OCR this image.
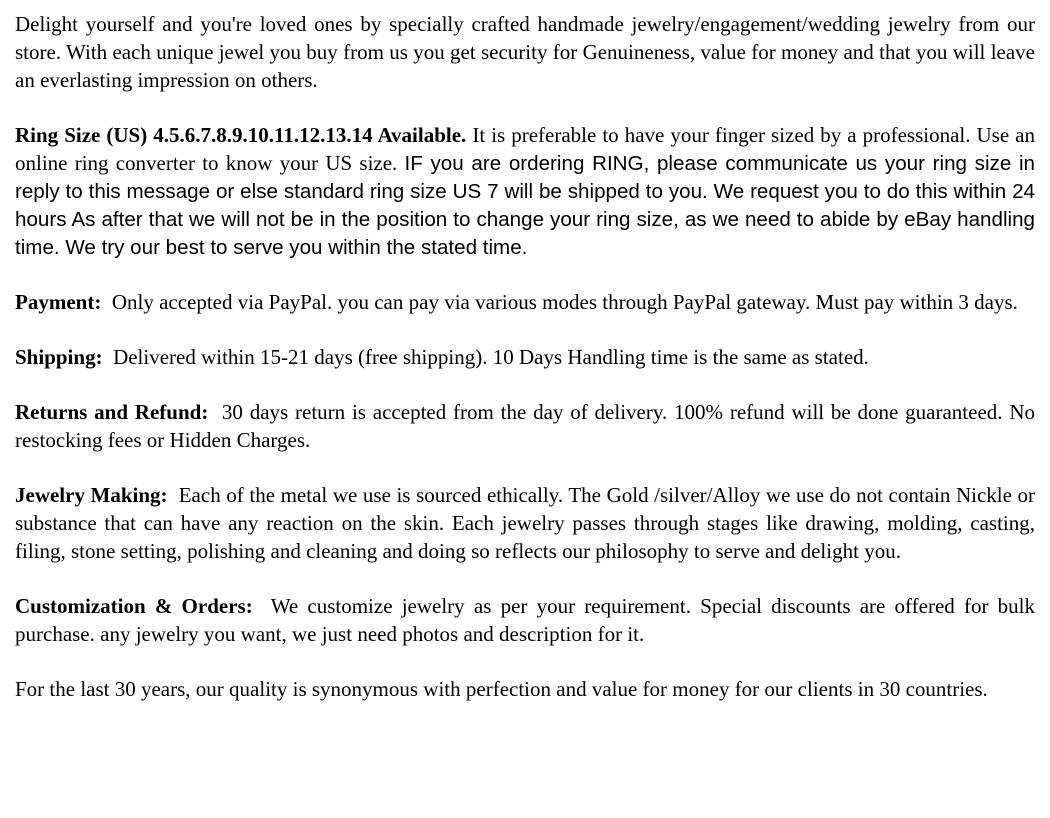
Delight yourself and you're loved ones by specially crafted handmade jewelry/engagement/wedding jewelry from our store. With each unique jewel you buy from us you get security for Genuineness, value for money and that you will leave an everlasting impression on others.

Ring Size (US) 4.5.6.7.8.9.10.11.12.13.14 Available. It is preferable to have your finger sized by a professional. Use an online ring converter to know your US size. IF you are ordering RING, please communicate us your ring size in reply to this message or else standard ring size US 7 will be shipped to you. We request you to do this within 24 hours As after that we will not be in the position to change your ring size, as we need to abide by eBay handling time. We try our best to serve you within the stated time.

Payment: Only accepted via PayPal. you can pay via various modes through PayPal gateway. Must pay within 3 days.

Shipping: Delivered within 15-21 days (free shipping). 10 Days Handling time is the same as stated.

Returns and Refund: 30 days return is accepted from the day of delivery. 100% refund will be done guaranteed. No restocking fees or Hidden Charges.

Jewelry Making: Each of the metal we use is sourced ethically. The Gold /silver/Alloy we use do not contain Nickle or substance that can have any reaction on the skin. Each jewelry passes through stages like drawing, molding, casting, filing, stone setting, polishing and cleaning and doing so reflects our philosophy to serve and delight you.

Customization & Orders: We customize jewelry as per your requirement. Special discounts are offered for bulk purchase. any jewelry you want, we just need photos and description for it.

For the last 30 years, our quality is synonymous with perfection and value for money for our clients in 30 countries.
